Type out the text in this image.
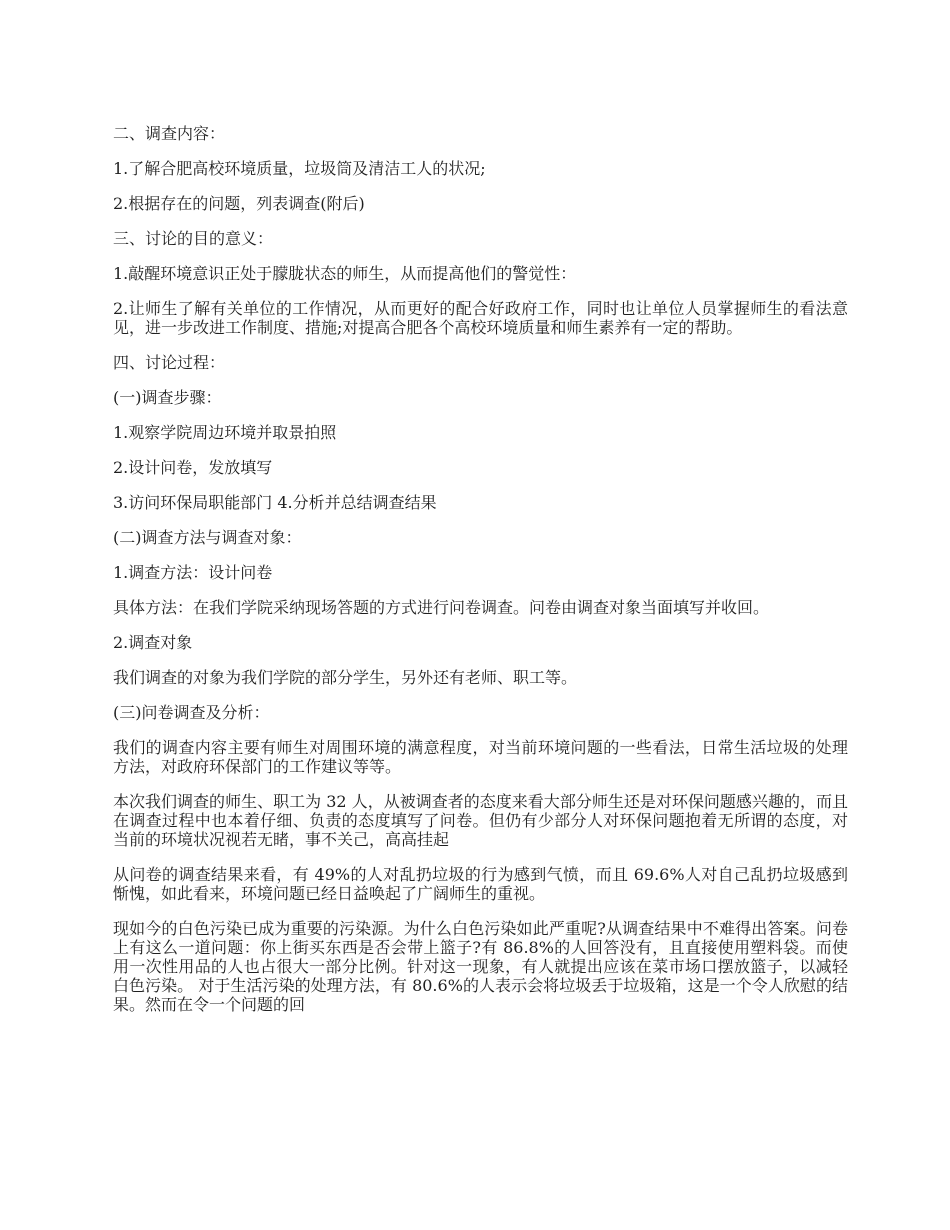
二、调查内容：

1.了解合肥高校环境质量，垃圾筒及清洁工人的状况;

2.根据存在的问题，列表调查(附后)

三、讨论的目的意义：

1.敲醒环境意识正处于朦胧状态的师生，从而提高他们的警觉性：

2.让师生了解有关单位的工作情况，从而更好的配合好政府工作，同时也让单位人员掌握师生的看法意见，进一步改进工作制度、措施;对提高合肥各个高校环境质量和师生素养有一定的帮助。

四、讨论过程：

(一)调查步骤：

1.观察学院周边环境并取景拍照

2.设计问卷，发放填写

3.访问环保局职能部门 4.分析并总结调查结果

(二)调查方法与调查对象：

1.调查方法：设计问卷

具体方法：在我们学院采纳现场答题的方式进行问卷调查。问卷由调查对象当面填写并收回。

2.调查对象

我们调查的对象为我们学院的部分学生，另外还有老师、职工等。

(三)问卷调查及分析：

我们的调查内容主要有师生对周围环境的满意程度，对当前环境问题的一些看法，日常生活垃圾的处理方法，对政府环保部门的工作建议等等。

本次我们调查的师生、职工为 32 人，从被调查者的态度来看大部分师生还是对环保问题感兴趣的，而且在调查过程中也本着仔细、负责的态度填写了问卷。但仍有少部分人对环保问题抱着无所谓的态度，对当前的环境状况视若无睹，事不关己，高高挂起

从问卷的调查结果来看，有 49%的人对乱扔垃圾的行为感到气愤，而且 69.6%人对自己乱扔垃圾感到惭愧，如此看来，环境问题已经日益唤起了广阔师生的重视。

现如今的白色污染已成为重要的污染源。为什么白色污染如此严重呢?从调查结果中不难得出答案。问卷上有这么一道问题：你上街买东西是否会带上篮子?有 86.8%的人回答没有，且直接使用塑料袋。而使用一次性用品的人也占很大一部分比例。针对这一现象，有人就提出应该在菜市场口摆放篮子，以减轻白色污染。 对于生活污染的处理方法，有 80.6%的人表示会将垃圾丢于垃圾箱，这是一个令人欣慰的结果。然而在令一个问题的回
